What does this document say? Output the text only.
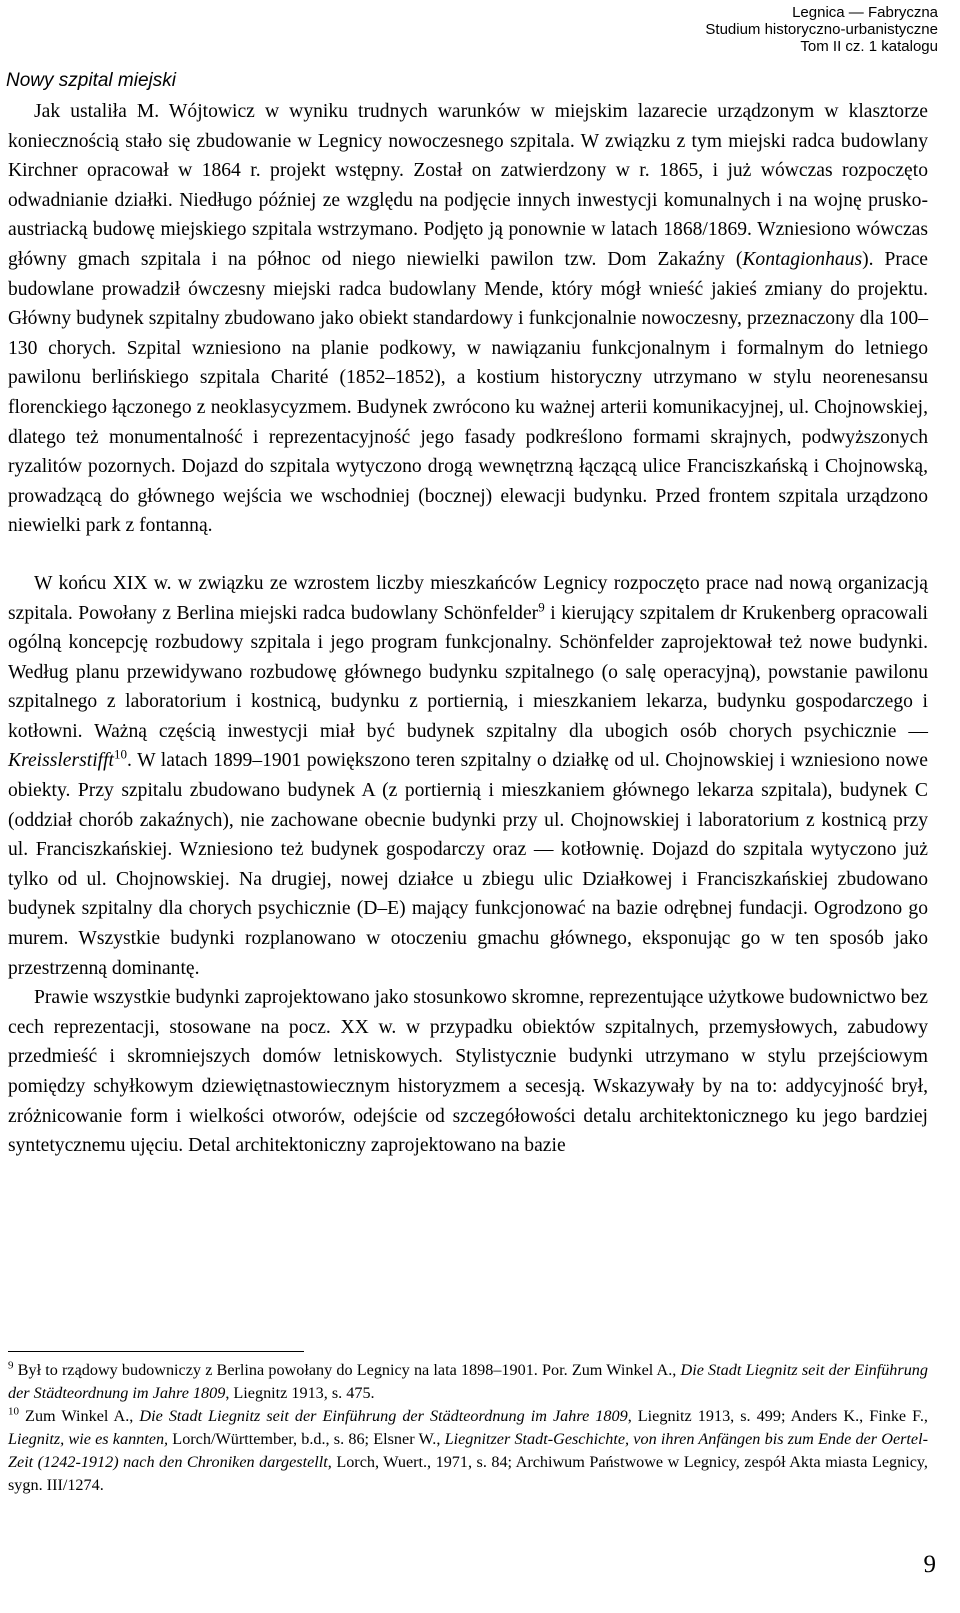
Legnica — Fabryczna
Studium historyczno-urbanistyczne
Tom II cz. 1 katalogu
Nowy szpital miejski

Jak ustaliła M. Wójtowicz w wyniku trudnych warunków w miejskim lazarecie urządzonym w klasztorze koniecznością stało się zbudowanie w Legnicy nowoczesnego szpitala. W związku z tym miejski radca budowlany Kirchner opracował w 1864 r. projekt wstępny. Został on zatwierdzony w r. 1865, i już wówczas rozpoczęto odwadnianie działki. Niedługo później ze względu na podjęcie innych inwestycji komunalnych i na wojnę prusko-austriacką budowę miejskiego szpitala wstrzymano. Podjęto ją ponownie w latach 1868/1869. Wzniesiono wówczas główny gmach szpitala i na północ od niego niewielki pawilon tzw. Dom Zakaźny (Kontagionhaus). Prace budowlane prowadził ówczesny miejski radca budowlany Mende, który mógł wnieść jakieś zmiany do projektu. Główny budynek szpitalny zbudowano jako obiekt standardowy i funkcjonalnie nowoczesny, przeznaczony dla 100–130 chorych. Szpital wzniesiono na planie podkowy, w nawiązaniu funkcjonalnym i formalnym do letniego pawilonu berlińskiego szpitala Charité (1852–1852), a kostium historyczny utrzymano w stylu neorenesansu florenckiego łączonego z neoklasycyzmem. Budynek zwrócono ku ważnej arterii komunikacyjnej, ul. Chojnowskiej, dlatego też monumentalność i reprezentacyjność jego fasady podkreślono formami skrajnych, podwyższonych ryzalitów pozornych. Dojazd do szpitala wytyczono drogą wewnętrzną łączącą ulice Franciszkańską i Chojnowską, prowadzącą do głównego wejścia we wschodniej (bocznej) elewacji budynku. Przed frontem szpitala urządzono niewielki park z fontanną.

W końcu XIX w. w związku ze wzrostem liczby mieszkańców Legnicy rozpoczęto prace nad nową organizacją szpitala. Powołany z Berlina miejski radca budowlany Schönfelder$^9$ i kierujący szpitalem dr Krukenberg opracowali ogólną koncepcję rozbudowy szpitala i jego program funkcjonalny. Schönfelder zaprojektował też nowe budynki. Według planu przewidywano rozbudowę głównego budynku szpitalnego (o salę operacyjną), powstanie pawilonu szpitalnego z laboratorium i kostnicą, budynku z portiernią, i mieszkaniem lekarza, budynku gospodarczego i kotłowni. Ważną częścią inwestycji miał być budynek szpitalny dla ubogich osób chorych psychicznie — Kreisslerstifft$^{10}$. W latach 1899–1901 powiększono teren szpitalny o działkę od ul. Chojnowskiej i wzniesiono nowe obiekty. Przy szpitalu zbudowano budynek A (z portiernią i mieszkaniem głównego lekarza szpitala), budynek C (oddział chorób zakaźnych), nie zachowane obecnie budynki przy ul. Chojnowskiej i laboratorium z kostnicą przy ul. Franciszkańskiej. Wzniesiono też budynek gospodarczy oraz — kotłownię. Dojazd do szpitala wytyczono już tylko od ul. Chojnowskiej. Na drugiej, nowej działce u zbiegu ulic Działkowej i Franciszkańskiej zbudowano budynek szpitalny dla chorych psychicznie (D–E) mający funkcjonować na bazie odrębnej fundacji. Ogrodzono go murem. Wszystkie budynki rozplanowano w otoczeniu gmachu głównego, eksponując go w ten sposób jako przestrzenną dominantę.

Prawie wszystkie budynki zaprojektowano jako stosunkowo skromne, reprezentujące użytkowe budownictwo bez cech reprezentacji, stosowane na pocz. XX w. w przypadku obiektów szpitalnych, przemysłowych, zabudowy przedmieść i skromniejszych domów letniskowych. Stylistycznie budynki utrzymano w stylu przejściowym pomiędzy schyłkowym dziewiętnastowiecznym historyzmem a secesją. Wskazywały by na to: addycyjność brył, zróżnicowanie form i wielkości otworów, odejście od szczegółowości detalu architektonicznego ku jego bardziej syntetycznemu ujęciu. Detal architektoniczny zaprojektowano na bazie

$^9$ Był to rządowy budowniczy z Berlina powołany do Legnicy na lata 1898–1901. Por. Zum Winkel A., Die Stadt Liegnitz seit der Einführung der Städteordnung im Jahre 1809, Liegnitz 1913, s. 475.

$^{10}$ Zum Winkel A., Die Stadt Liegnitz seit der Einführung der Städteordnung im Jahre 1809, Liegnitz 1913, s. 499; Anders K., Finke F., Liegnitz, wie es kannten, Lorch/Württember, b.d., s. 86; Elsner W., Liegnitzer Stadt-Geschichte, von ihren Anfängen bis zum Ende der Oertel-Zeit (1242-1912) nach den Chroniken dargestellt, Lorch, Wuert., 1971, s. 84; Archiwum Państwowe w Legnicy, zespół Akta miasta Legnicy, sygn. III/1274.

9
